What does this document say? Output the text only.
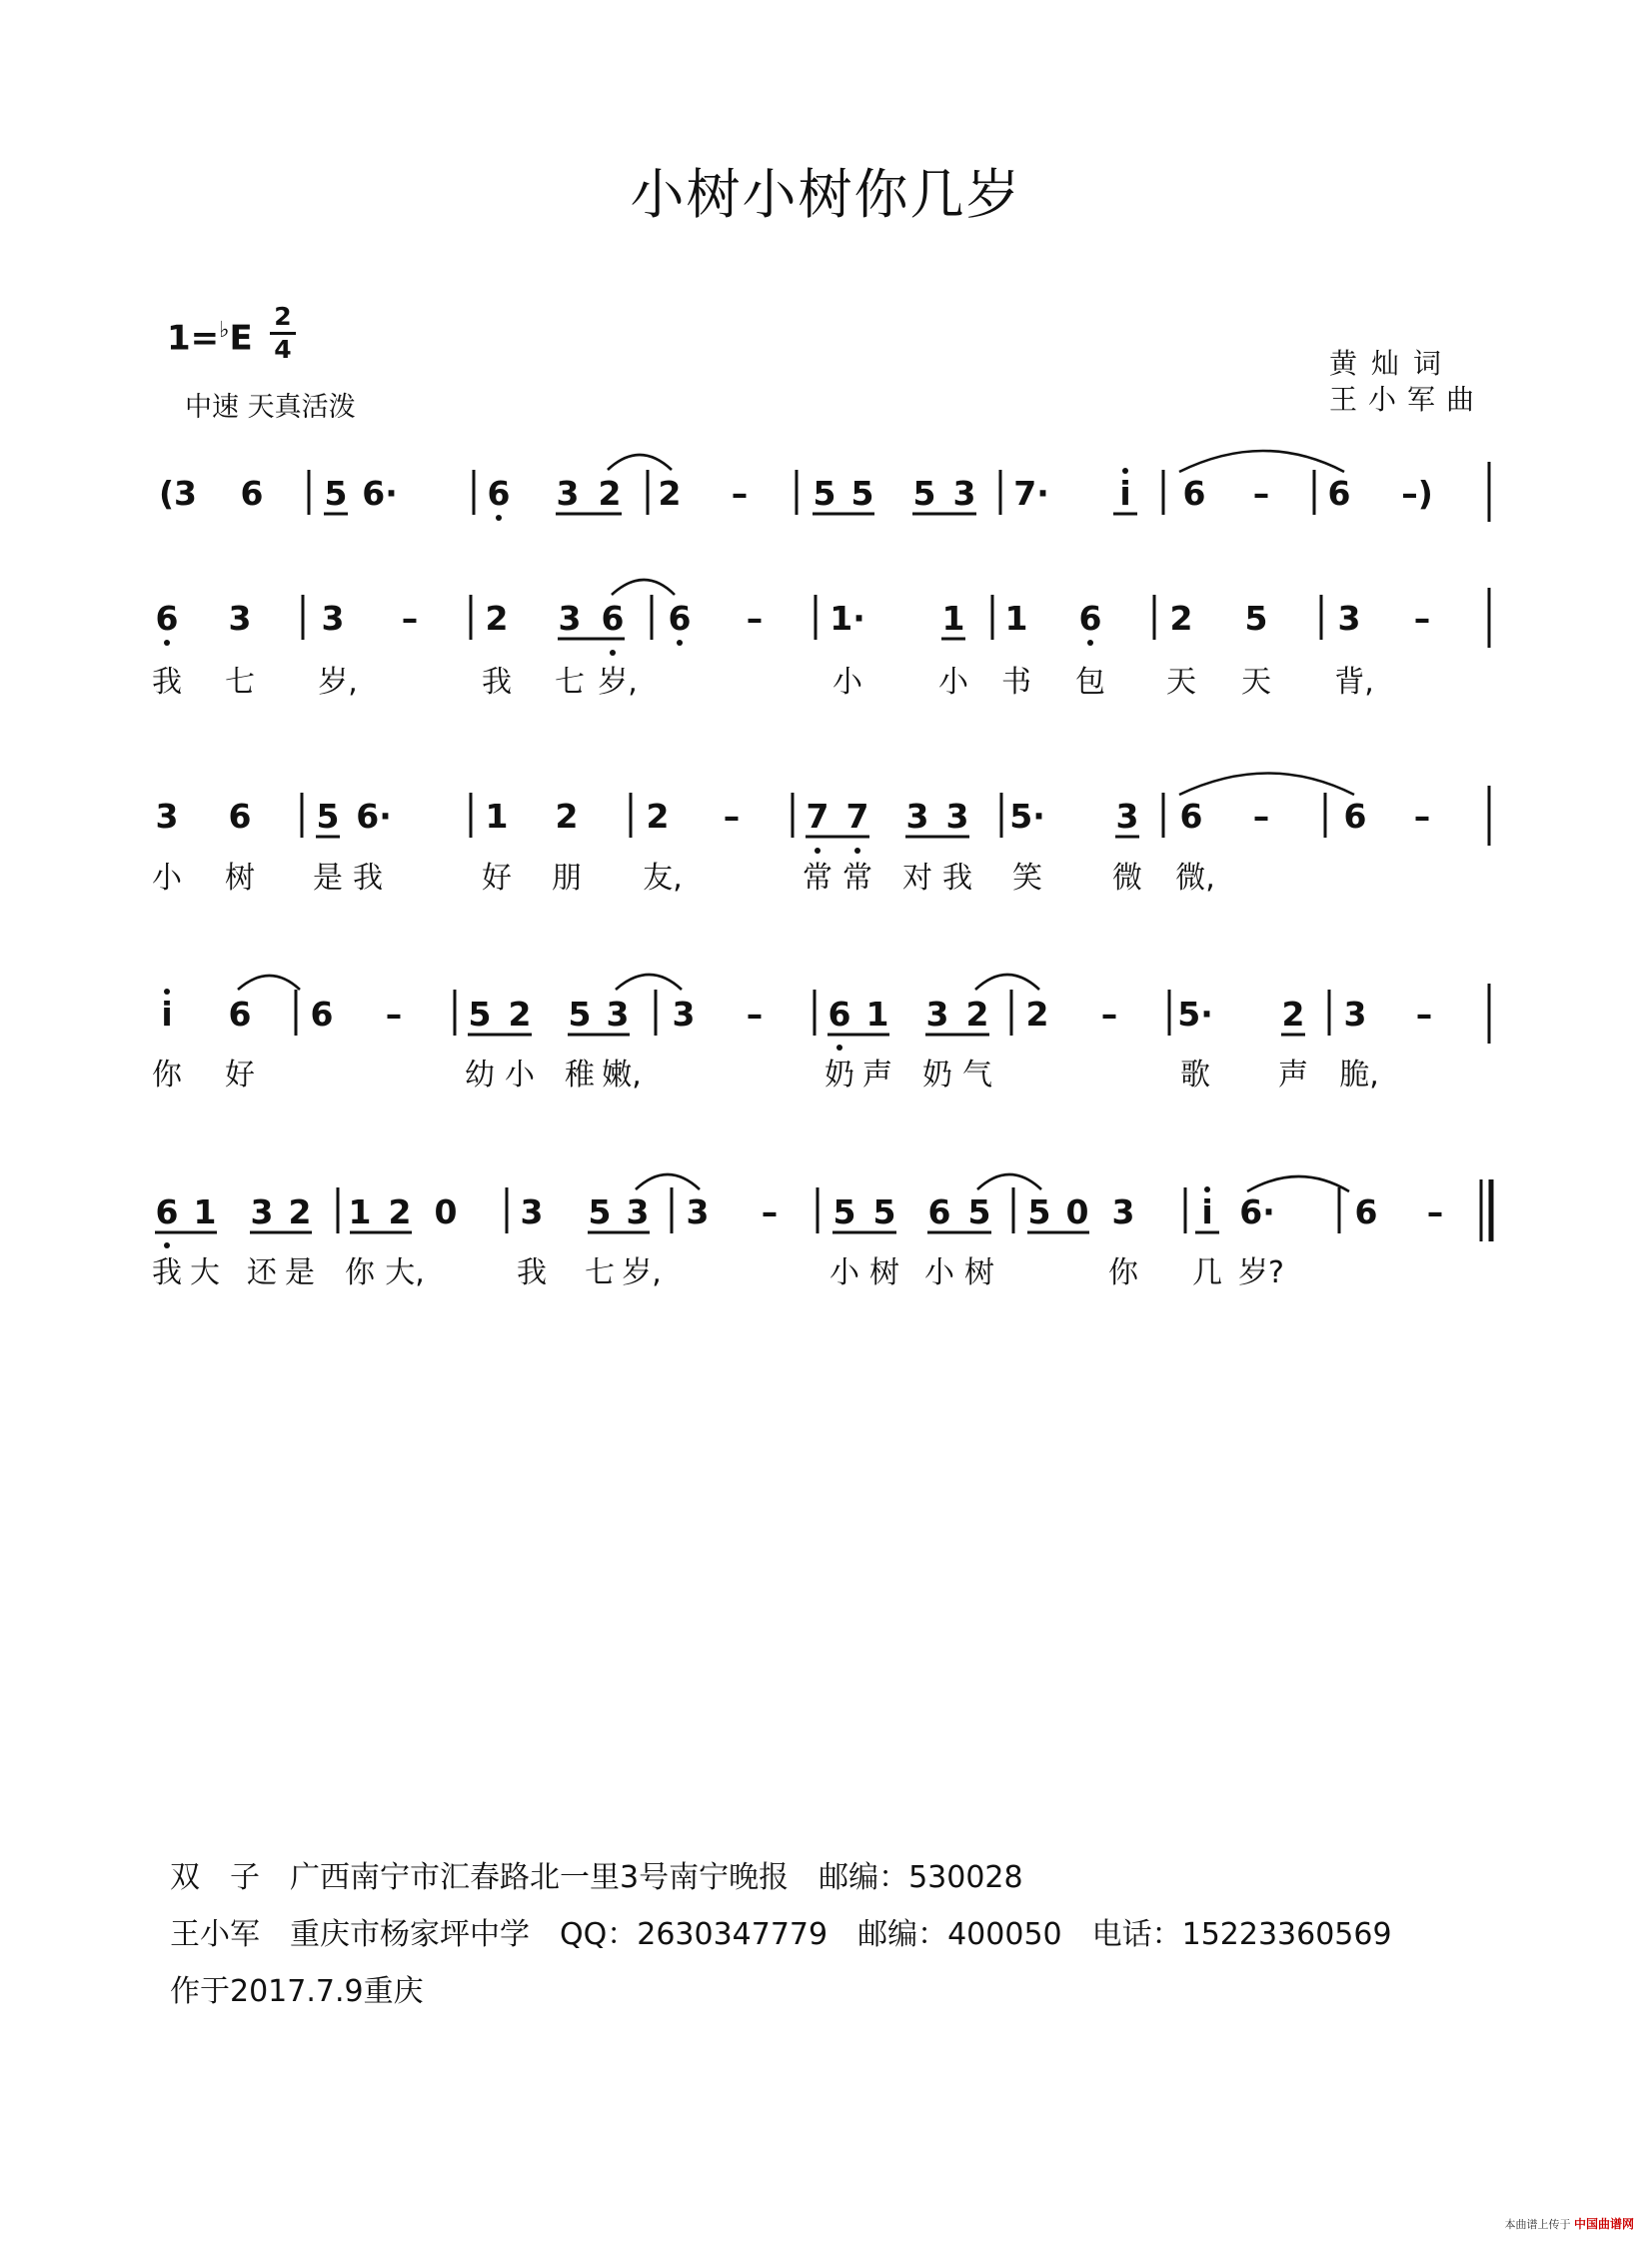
小树小树你几岁
1=♭E
2
4
中速 天真活泼
黄灿词
王小军曲
(3 6 5 6·	6 3 2 2 – 5 5 5 3 7· i 6 – 6 –)
6 3 3 – 2 3 6 6 – 1· 1 1 6 2 5 3 –
我 七 岁,	我 七 岁,	小	小 书 包 天 天 背,
3 6 5 6·	1 2 2 – 7 7 3 3 5· 3 6 – 6 –
小 树 是 我	好 朋 友,	常 常 对 我 笑 微 微,
i 6 6 – 5 2 5 3 3 – 6 1 3 2 2 – 5· 2 3 –
你 好	幼 小 稚 嫩,	奶 声 奶 气	歌 声 脆,
6 1 3 2 1 2 0 3 5 3 3 – 5 5 6 5 5 0 3 i 6· 6 –
我 大 还 是 你 大,	我 七 岁,	小 树 小 树	你 几 岁?
双　子　广西南宁市汇春路北一里3号南宁晚报　邮编：530028
王小军　重庆市杨家坪中学　QQ：2630347779　邮编：400050　电话：15223360569
作于2017.7.9重庆
本曲谱上传于 中国曲谱网
